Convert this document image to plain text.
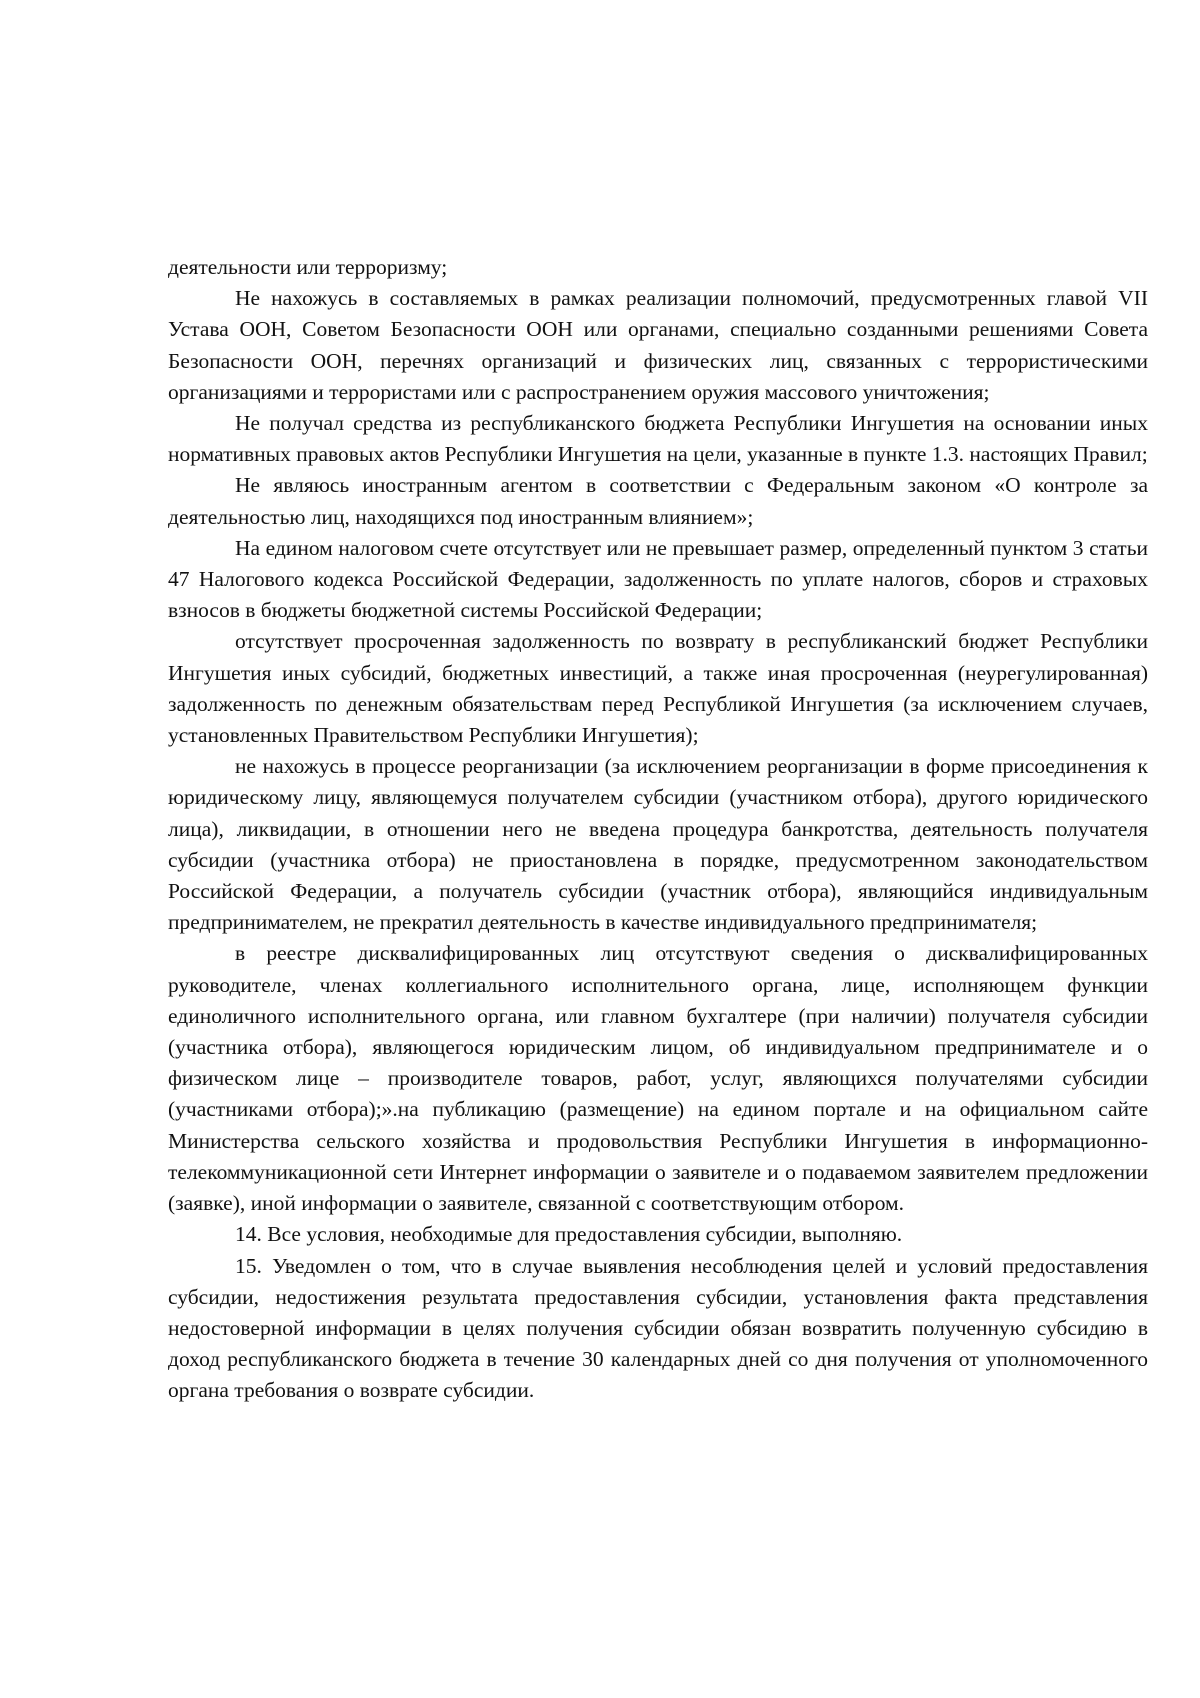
деятельности или терроризму;

Не нахожусь в составляемых в рамках реализации полномочий, предусмотренных главой VII Устава ООН, Советом Безопасности ООН или органами, специально созданными решениями Совета Безопасности ООН, перечнях организаций и физических лиц, связанных с террористическими организациями и террористами или с распространением оружия массового уничтожения;

Не получал средства из республиканского бюджета Республики Ингушетия на основании иных нормативных правовых актов Республики Ингушетия на цели, указанные в пункте 1.3. настоящих Правил;

Не являюсь иностранным агентом в соответствии с Федеральным законом «О контроле за деятельностью лиц, находящихся под иностранным влиянием»;

На едином налоговом счете отсутствует или не превышает размер, определенный пунктом 3 статьи 47 Налогового кодекса Российской Федерации, задолженность по уплате налогов, сборов и страховых взносов в бюджеты бюджетной системы Российской Федерации;

отсутствует просроченная задолженность по возврату в республиканский бюджет Республики Ингушетия иных субсидий, бюджетных инвестиций, а также иная просроченная (неурегулированная) задолженность по денежным обязательствам перед Республикой Ингушетия (за исключением случаев, установленных Правительством Республики Ингушетия);

не нахожусь в процессе реорганизации (за исключением реорганизации в форме присоединения к юридическому лицу, являющемуся получателем субсидии (участником отбора), другого юридического лица), ликвидации, в отношении него не введена процедура банкротства, деятельность получателя субсидии (участника отбора) не приостановлена в порядке, предусмотренном законодательством Российской Федерации, а получатель субсидии (участник отбора), являющийся индивидуальным предпринимателем, не прекратил деятельность в качестве индивидуального предпринимателя;

в реестре дисквалифицированных лиц отсутствуют сведения о дисквалифицированных руководителе, членах коллегиального исполнительного органа, лице, исполняющем функции единоличного исполнительного органа, или главном бухгалтере (при наличии) получателя субсидии (участника отбора), являющегося юридическим лицом, об индивидуальном предпринимателе и о физическом лице – производителе товаров, работ, услуг, являющихся получателями субсидии (участниками отбора);».на публикацию (размещение) на едином портале и на официальном сайте Министерства сельского хозяйства и продовольствия Республики Ингушетия в информационно-телекоммуникационной сети Интернет информации о заявителе и о подаваемом заявителем предложении (заявке), иной информации о заявителе, связанной с соответствующим отбором.

14. Все условия, необходимые для предоставления субсидии, выполняю.

15. Уведомлен о том, что в случае выявления несоблюдения целей и условий предоставления субсидии, недостижения результата предоставления субсидии, установления факта представления недостоверной информации в целях получения субсидии обязан возвратить полученную субсидию в доход республиканского бюджета в течение 30 календарных дней со дня получения от уполномоченного органа требования о возврате субсидии.
